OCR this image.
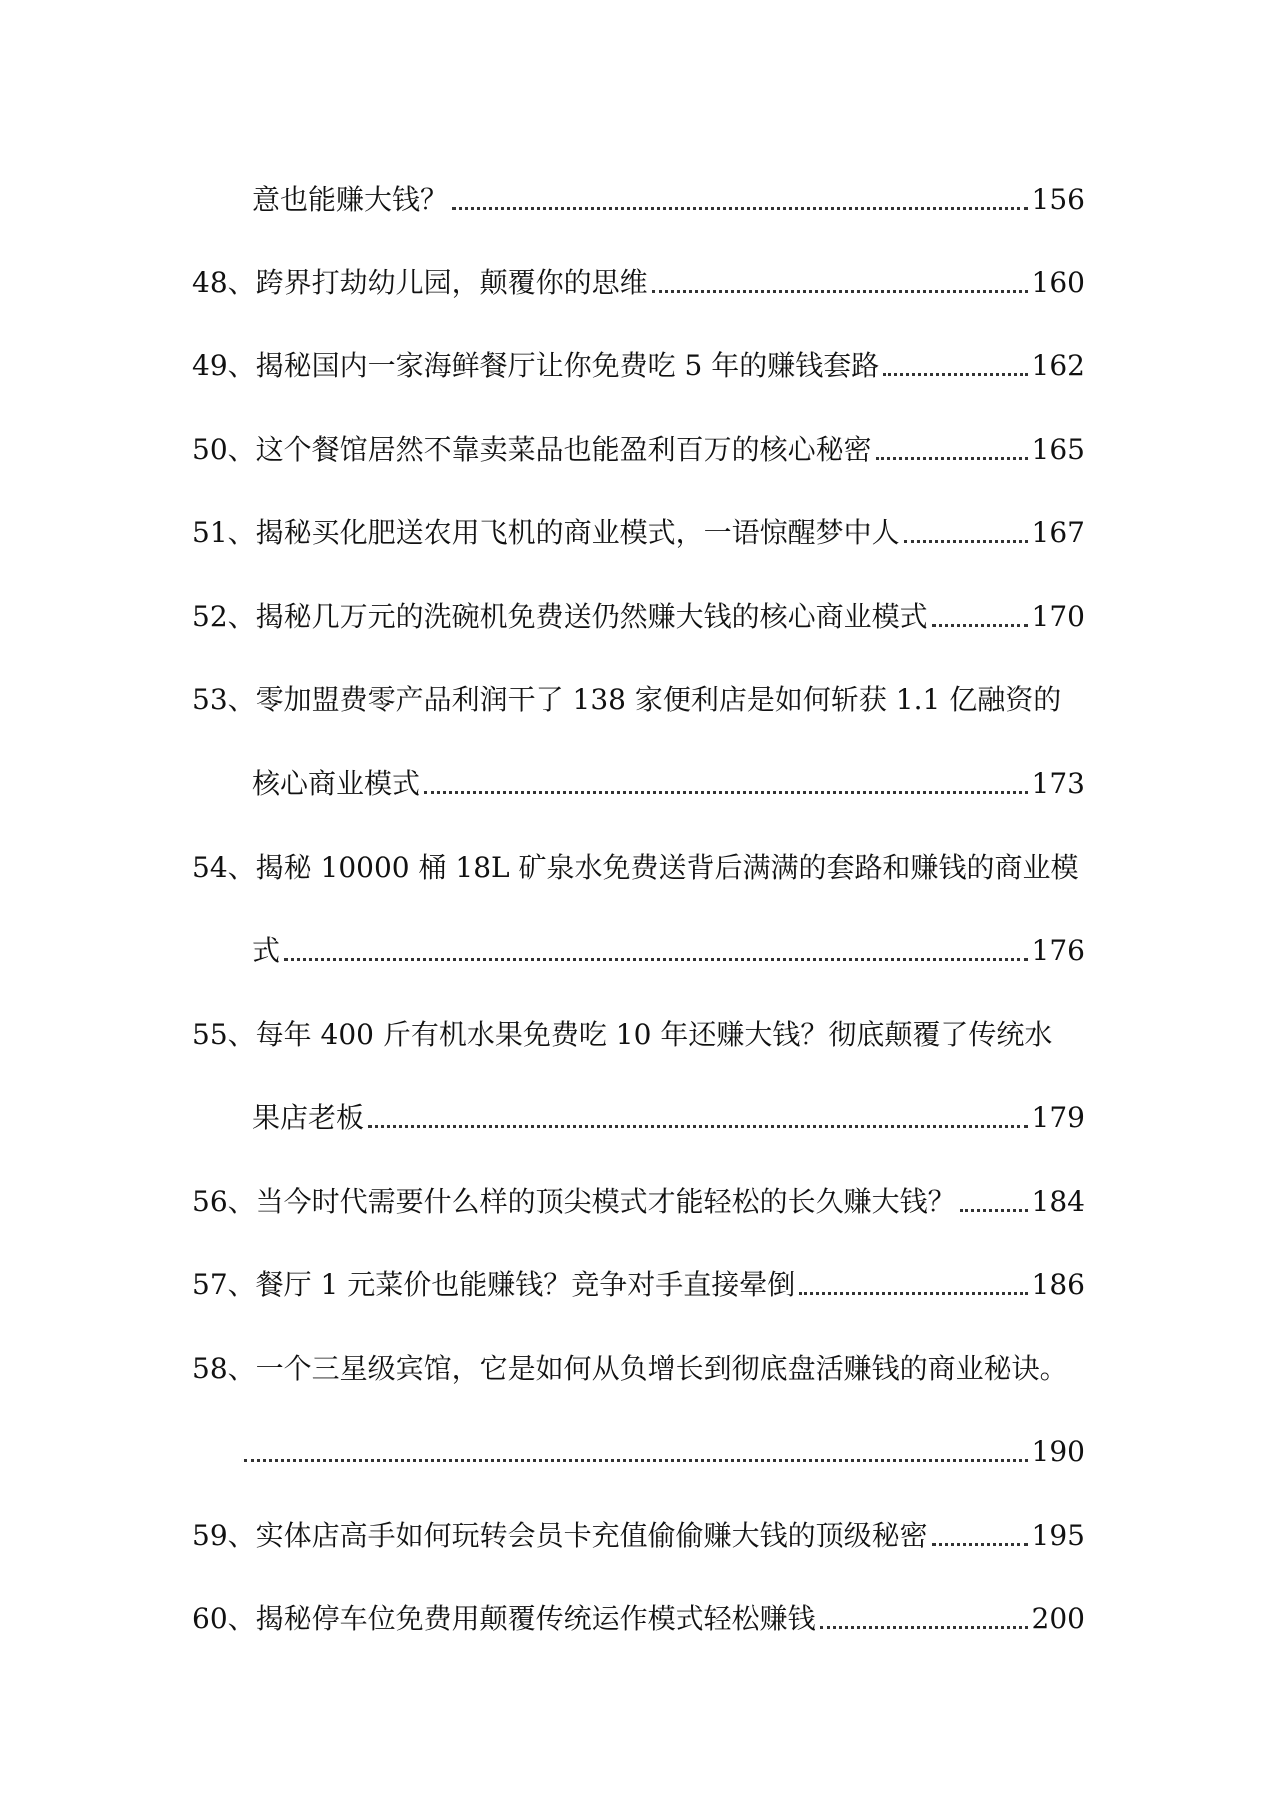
意也能赚大钱？	156
48、 跨界打劫幼儿园，颠覆你的思维	160
49、 揭秘国内一家海鲜餐厅让你免费吃 5 年的赚钱套路	162
50、 这个餐馆居然不靠卖菜品也能盈利百万的核心秘密	165
51、 揭秘买化肥送农用飞机的商业模式，一语惊醒梦中人	167
52、 揭秘几万元的洗碗机免费送仍然赚大钱的核心商业模式	170
53、 零加盟费零产品利润干了 138 家便利店是如何斩获 1.1 亿融资的
核心商业模式	173
54、 揭秘 10000 桶 18L 矿泉水免费送背后满满的套路和赚钱的商业模
式	176
55、 每年 400 斤有机水果免费吃 10 年还赚大钱？彻底颠覆了传统水
果店老板	179
56、 当今时代需要什么样的顶尖模式才能轻松的长久赚大钱？	184
57、 餐厅 1 元菜价也能赚钱？竞争对手直接晕倒	186
58、 一个三星级宾馆，它是如何从负增长到彻底盘活赚钱的商业秘诀。
190
59、 实体店高手如何玩转会员卡充值偷偷赚大钱的顶级秘密	195
60、 揭秘停车位免费用颠覆传统运作模式轻松赚钱	200
